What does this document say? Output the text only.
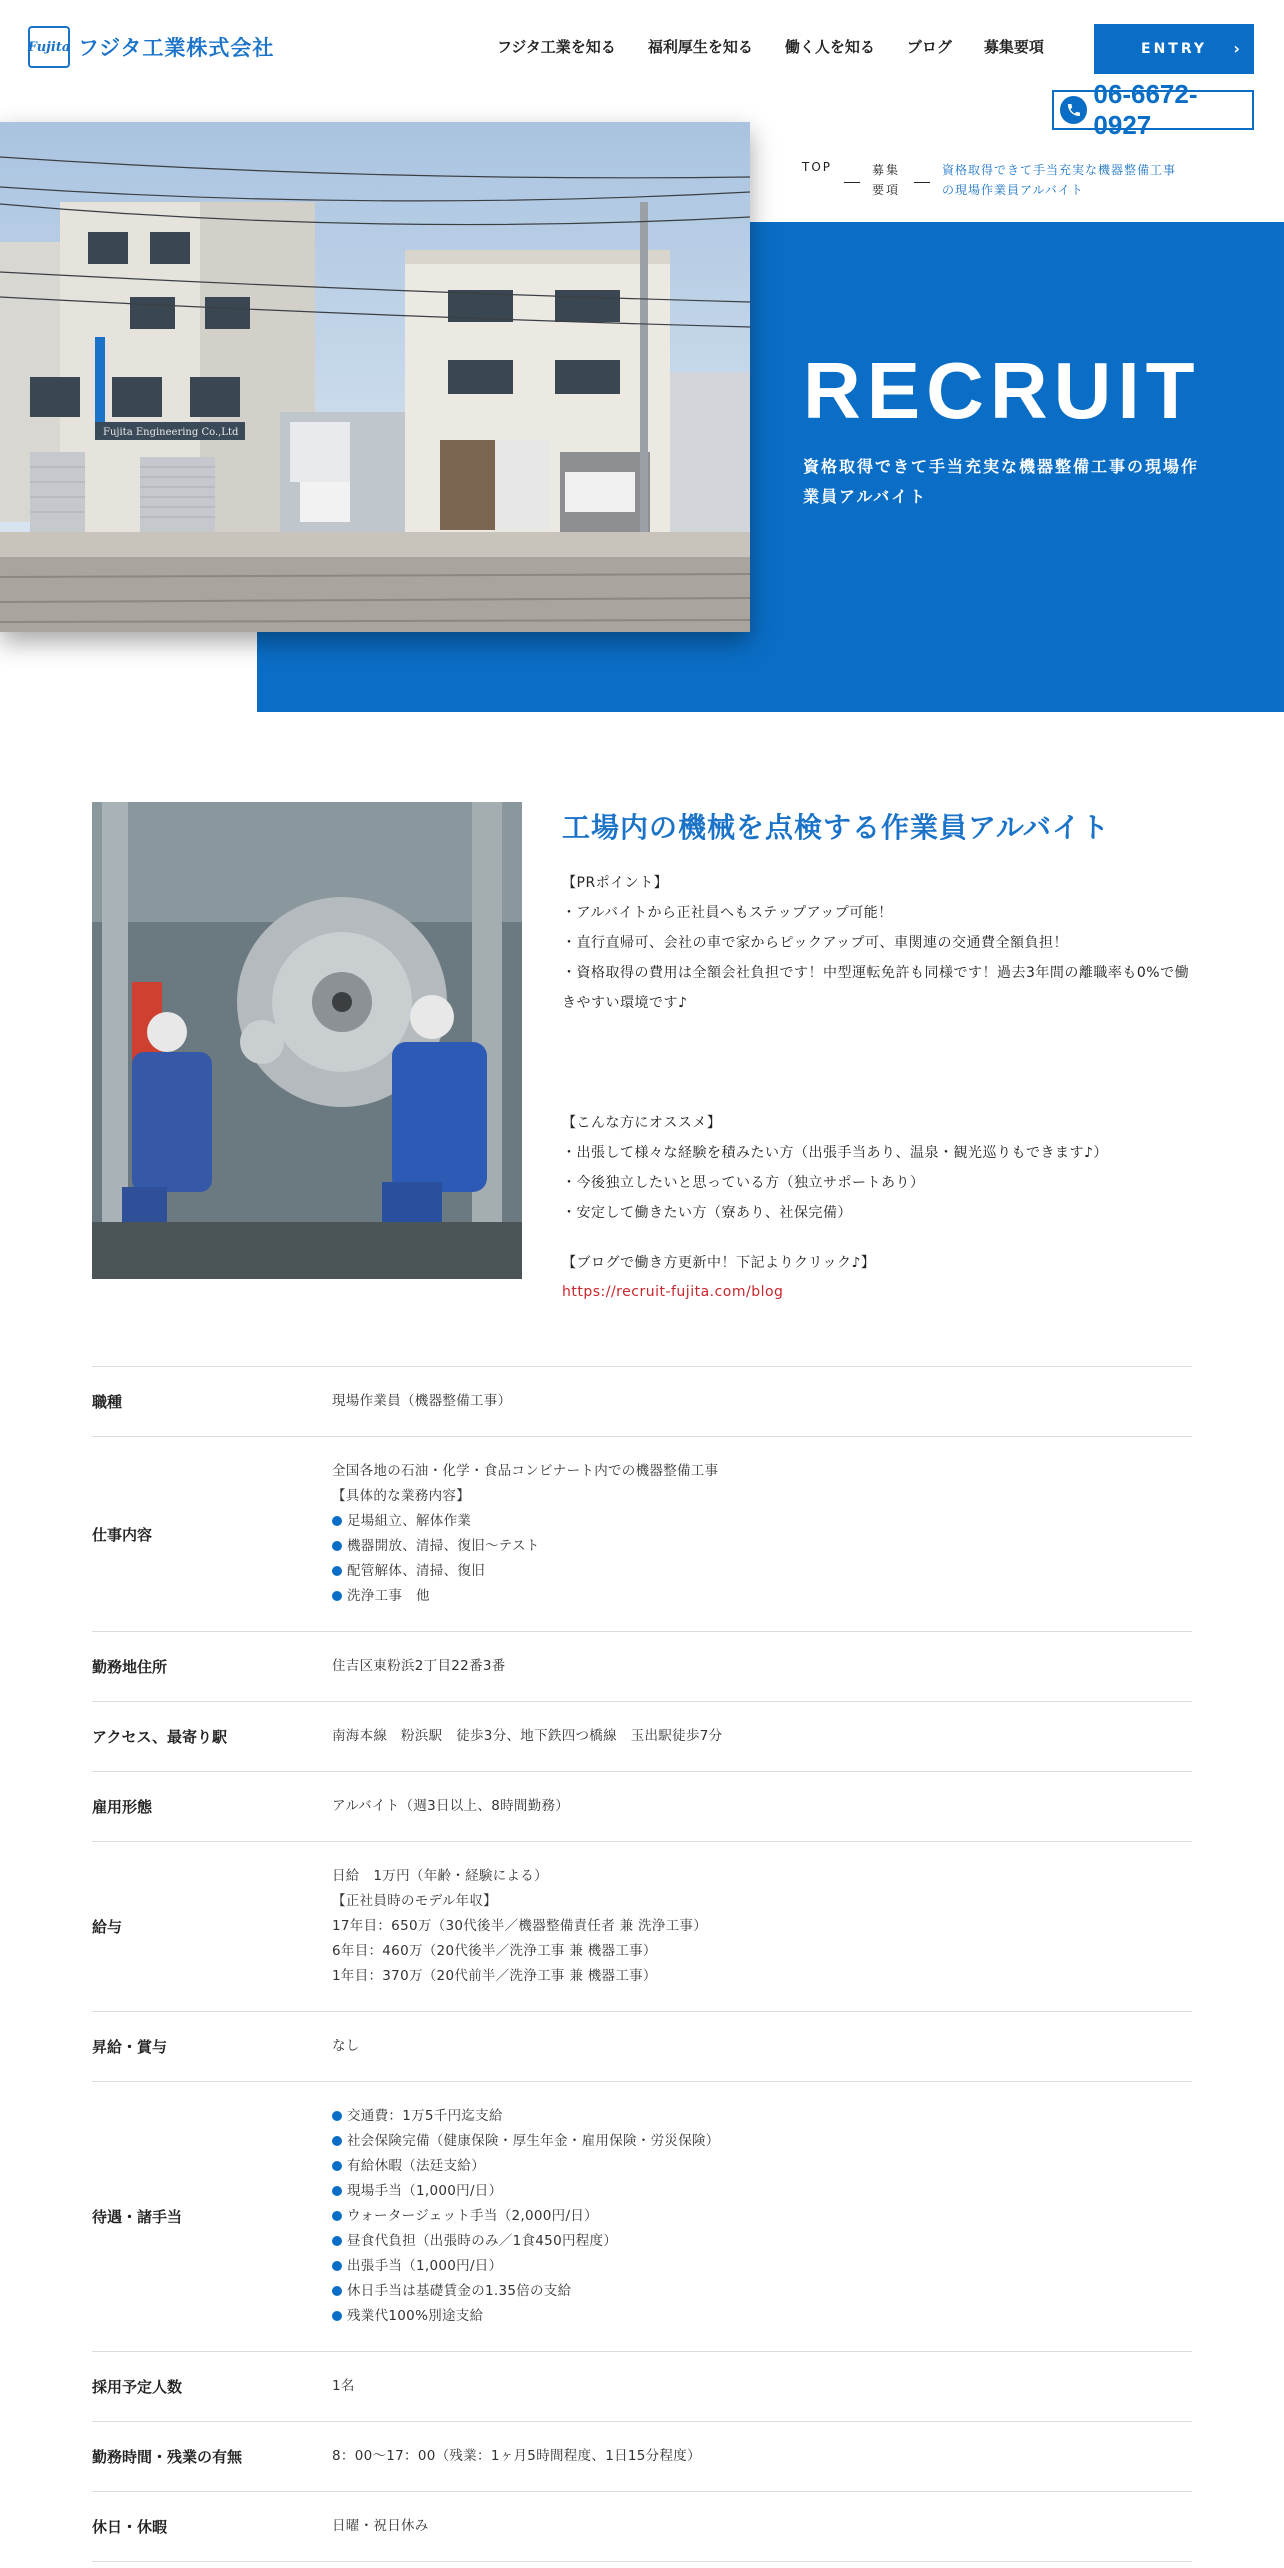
Fujita フジタ工業株式会社	フジタ工業を知る 福利厚生を知る 働く人を知る ブログ 募集要項	ENTRY ›
06-6672-0927
Fujita Engineering Co.,Ltd
TOP	募集要項
資格取得できて手当充実な機器整備工事の現場作業員アルバイト
RECRUIT
資格取得できて手当充実な機器整備工事の現場作業員アルバイト
工場内の機械を点検する作業員アルバイト
【PRポイント】
・アルバイトから正社員へもステップアップ可能！
・直行直帰可、会社の車で家からピックアップ可、車関連の交通費全額負担！
・資格取得の費用は全額会社負担です！中型運転免許も同様です！過去3年間の離職率も0%で働きやすい環境です♪
【こんな方にオススメ】
・出張して様々な経験を積みたい方（出張手当あり、温泉・観光巡りもできます♪）
・今後独立したいと思っている方（独立サポートあり）
・安定して働きたい方（寮あり、社保完備）
【ブログで働き方更新中！下記よりクリック♪】
https://recruit-fujita.com/blog
職種	現場作業員（機器整備工事）
仕事内容
全国各地の石油・化学・食品コンビナート内での機器整備工事
【具体的な業務内容】
足場組立、解体作業
機器開放、清掃、復旧～テスト
配管解体、清掃、復旧
洗浄工事　他
勤務地住所	住吉区東粉浜2丁目22番3番
アクセス、最寄り駅	南海本線　粉浜駅　徒歩3分、地下鉄四つ橋線　玉出駅徒歩7分
雇用形態	アルバイト（週3日以上、8時間勤務）
給与
日給　1万円（年齢・経験による）
【正社員時のモデル年収】
17年目：650万（30代後半／機器整備責任者 兼 洗浄工事）
6年目：460万（20代後半／洗浄工事 兼 機器工事）
1年目：370万（20代前半／洗浄工事 兼 機器工事）
昇給・賞与	なし
待遇・諸手当
交通費：1万5千円迄支給
社会保険完備（健康保険・厚生年金・雇用保険・労災保険）
有給休暇（法廷支給）
現場手当（1,000円/日）
ウォータージェット手当（2,000円/日）
昼食代負担（出張時のみ／1食450円程度）
出張手当（1,000円/日）
休日手当は基礎賃金の1.35倍の支給
残業代100%別途支給
採用予定人数	1名
勤務時間・残業の有無	8：00～17：00（残業：1ヶ月5時間程度、1日15分程度）
休日・休暇	日曜・祝日休み
